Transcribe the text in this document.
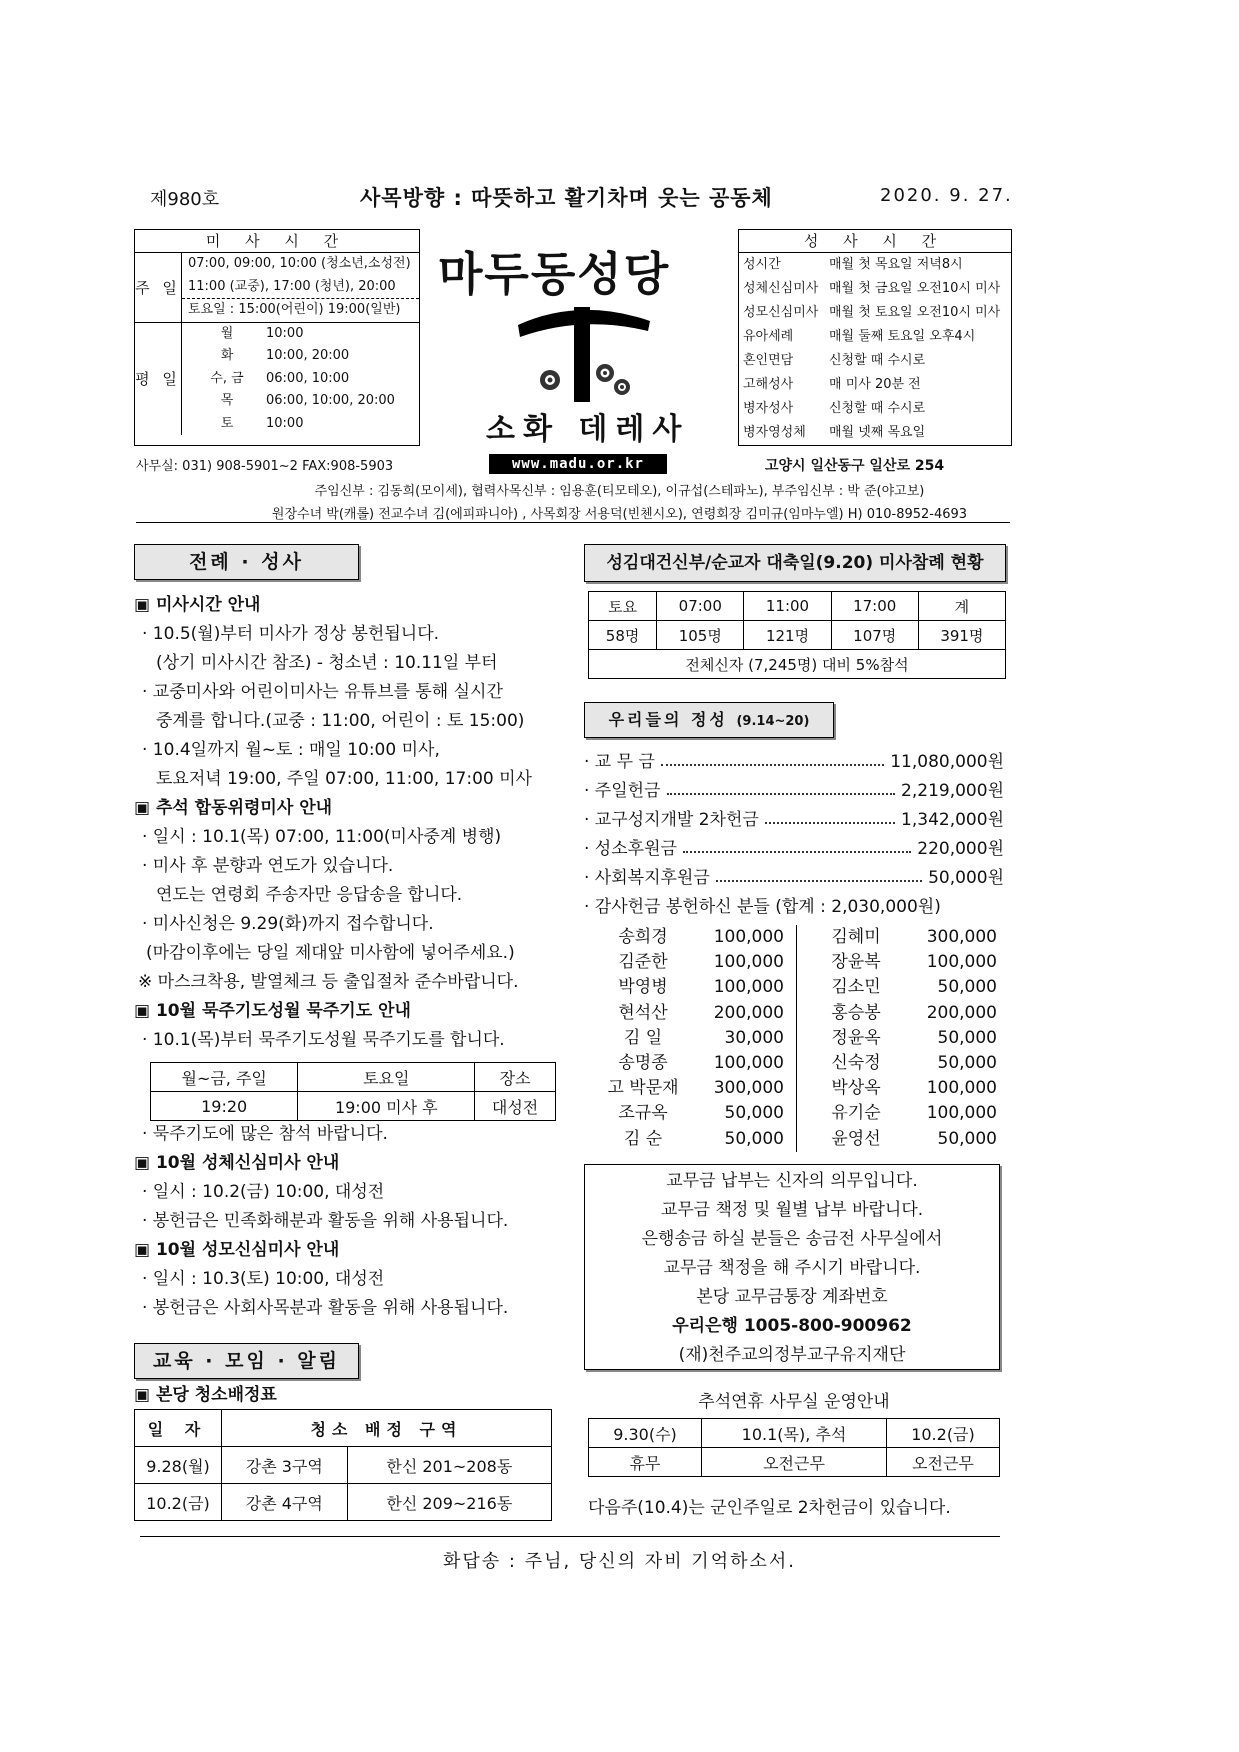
제980호	사목방향 : 따뜻하고 활기차며 웃는 공동체	2020. 9. 27.
미 사 시 간
주 일
07:00, 09:00, 10:00 (청소년,소성전)
11:00 (교중), 17:00 (청년), 20:00
토요일 : 15:00(어린이) 19:00(일반)
평 일
월	10:00
화	10:00, 20:00
수, 금	06:00, 10:00
목	06:00, 10:00, 20:00
토	10:00
마두동성당
소화 데레사
성 사 시 간
성시간	매월 첫 목요일 저녁8시
성체신심미사 매월 첫 금요일 오전10시 미사
성모신심미사 매월 첫 토요일 오전10시 미사
유아세례	매월 둘째 토요일 오후4시
혼인면담	신청할 때 수시로
고해성사	매 미사 20분 전
병자성사	신청할 때 수시로
병자영성체	매월 넷째 목요일
사무실: 031) 908-5901~2 FAX:908-5903	www.madu.or.kr	고양시 일산동구 일산로 254
주임신부 : 김동희(모이세), 협력사목신부 : 임용훈(티모테오), 이규섭(스테파노), 부주임신부 : 박 준(야고보)
원장수녀 박(캐롤) 전교수녀 김(에피파니아) , 사목회장 서용덕(빈첸시오), 연령회장 김미규(임마누엘) H) 010-8952-4693
전례 · 성사
▣ 미사시간 안내
· 10.5(월)부터 미사가 정상 봉헌됩니다.
(상기 미사시간 참조) - 청소년 : 10.11일 부터
· 교중미사와 어린이미사는 유튜브를 통해 실시간
중계를 합니다.(교중 : 11:00, 어린이 : 토 15:00)
· 10.4일까지 월~토 : 매일 10:00 미사,
토요저녁 19:00, 주일 07:00, 11:00, 17:00 미사
▣ 추석 합동위령미사 안내
· 일시 : 10.1(목) 07:00, 11:00(미사중계 병행)
· 미사 후 분향과 연도가 있습니다.
연도는 연령회 주송자만 응답송을 합니다.
· 미사신청은 9.29(화)까지 접수합니다.
(마감이후에는 당일 제대앞 미사함에 넣어주세요.)
※ 마스크착용, 발열체크 등 출입절차 준수바랍니다.
▣ 10월 묵주기도성월 묵주기도 안내
· 10.1(목)부터 묵주기도성월 묵주기도를 합니다.
월~금, 주일	토요일	장소
19:20	19:00 미사 후	대성전
· 묵주기도에 많은 참석 바랍니다.
▣ 10월 성체신심미사 안내
· 일시 : 10.2(금) 10:00, 대성전
· 봉헌금은 민족화해분과 활동을 위해 사용됩니다.
▣ 10월 성모신심미사 안내
· 일시 : 10.3(토) 10:00, 대성전
· 봉헌금은 사회사목분과 활동을 위해 사용됩니다.
교육 · 모임 · 알림
▣ 본당 청소배정표
일 자	청소 배정 구역	
9.28(월)	강촌 3구역	한신 201~208동
10.2(금)	강촌 4구역	한신 209~216동
성김대건신부/순교자 대축일(9.20) 미사참례 현황
토요	07:00	11:00	17:00	계
58명	105명	121명	107명	391명
전체신자 (7,245명) 대비 5%참석				
우리들의 정성 (9.14~20)
· 교 무 금	11,080,000원
· 주일헌금	2,219,000원
· 교구성지개발 2차헌금	1,342,000원
· 성소후원금	220,000원
· 사회복지후원금	50,000원
· 감사헌금 봉헌하신 분들 (합계 : 2,030,000원)
송희경	100,000	김혜미	300,000
김준한	100,000	장윤복	100,000
박영병	100,000	김소민	50,000
현석산	200,000	홍승봉	200,000
김 일	30,000	정윤옥	50,000
송명종	100,000	신숙정	50,000
고 박문재	300,000	박상옥	100,000
조규옥	50,000	유기순	100,000
김 순	50,000	윤영선	50,000
교무금 납부는 신자의 의무입니다.
교무금 책정 및 월별 납부 바랍니다.
은행송금 하실 분들은 송금전 사무실에서
교무금 책정을 해 주시기 바랍니다.
본당 교무금통장 계좌번호
우리은행 1005-800-900962
(재)천주교의정부교구유지재단
추석연휴 사무실 운영안내
9.30(수)	10.1(목), 추석	10.2(금)
휴무	오전근무	오전근무
다음주(10.4)는 군인주일로 2차헌금이 있습니다.
화답송 : 주님, 당신의 자비 기억하소서.
